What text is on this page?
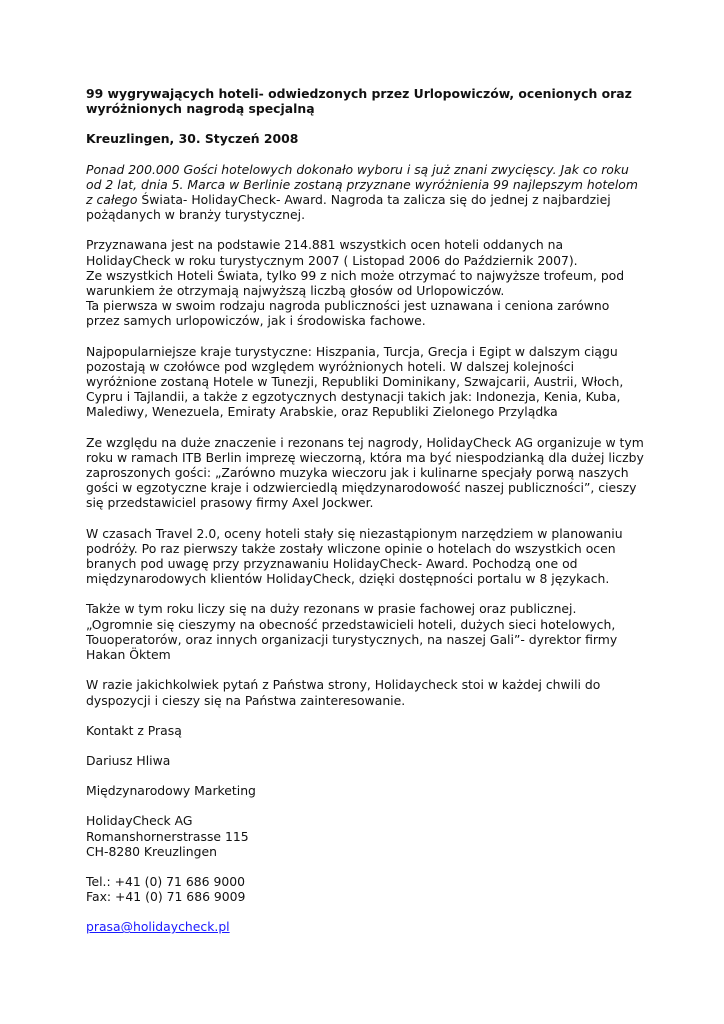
99 wygrywających hoteli- odwiedzonych przez Urlopowiczów, ocenionych oraz wyróżnionych nagrodą specjalną

Kreuzlingen, 30. Styczeń 2008

Ponad 200.000 Gości hotelowych dokonało wyboru i są już znani zwycięscy. Jak co roku od 2 lat, dnia 5. Marca w Berlinie zostaną przyznane wyróżnienia 99 najlepszym hotelom z całego Świata- HolidayCheck- Award. Nagroda ta zalicza się do jednej z najbardziej pożądanych w branży turystycznej.

Przyznawana jest na podstawie 214.881 wszystkich ocen hoteli oddanych na HolidayCheck w roku turystycznym 2007 ( Listopad 2006 do Październik 2007).

Ze wszystkich Hoteli Świata, tylko 99 z nich może otrzymać to najwyższe trofeum, pod warunkiem że otrzymają najwyższą liczbą głosów od Urlopowiczów.

Ta pierwsza w swoim rodzaju nagroda publiczności jest uznawana i ceniona zarówno przez samych urlopowiczów, jak i środowiska fachowe.

Najpopularniejsze kraje turystyczne: Hiszpania, Turcja, Grecja i Egipt w dalszym ciągu pozostają w czołówce pod względem wyróżnionych hoteli. W dalszej kolejności wyróżnione zostaną Hotele w Tunezji, Republiki Dominikany, Szwajcarii, Austrii, Włoch, Cypru i Tajlandii, a także z egzotycznych destynacji takich jak: Indonezja, Kenia, Kuba, Malediwy, Wenezuela, Emiraty Arabskie, oraz Republiki Zielonego Przylądka

Ze względu na duże znaczenie i rezonans tej nagrody, HolidayCheck AG organizuje w tym roku w ramach ITB Berlin imprezę wieczorną, która ma być niespodzianką dla dużej liczby zaproszonych gości: „Zarówno muzyka wieczoru jak i kulinarne specjały porwą naszych gości w egzotyczne kraje i odzwierciedlą międzynarodowość naszej publiczności”, cieszy się przedstawiciel prasowy firmy Axel Jockwer.

W czasach Travel 2.0, oceny hoteli stały się niezastąpionym narzędziem w planowaniu podróży. Po raz pierwszy także zostały wliczone opinie o hotelach do wszystkich ocen branych pod uwagę przy przyznawaniu HolidayCheck- Award. Pochodzą one od międzynarodowych klientów HolidayCheck, dzięki dostępności portalu w 8 językach.

Także w tym roku liczy się na duży rezonans w prasie fachowej oraz publicznej.

„Ogromnie się cieszymy na obecność przedstawicieli hoteli, dużych sieci hotelowych, Touoperatorów, oraz innych organizacji turystycznych, na naszej Gali”- dyrektor firmy Hakan Öktem

W razie jakichkolwiek pytań z Państwa strony, Holidaycheck stoi w każdej chwili do dyspozycji i cieszy się na Państwa zainteresowanie.

Kontakt z Prasą

Dariusz Hliwa

Międzynarodowy Marketing

HolidayCheck AG

Romanshornerstrasse 115

CH-8280 Kreuzlingen

Tel.: +41 (0) 71 686 9000

Fax: +41 (0) 71 686 9009

prasa@holidaycheck.pl
